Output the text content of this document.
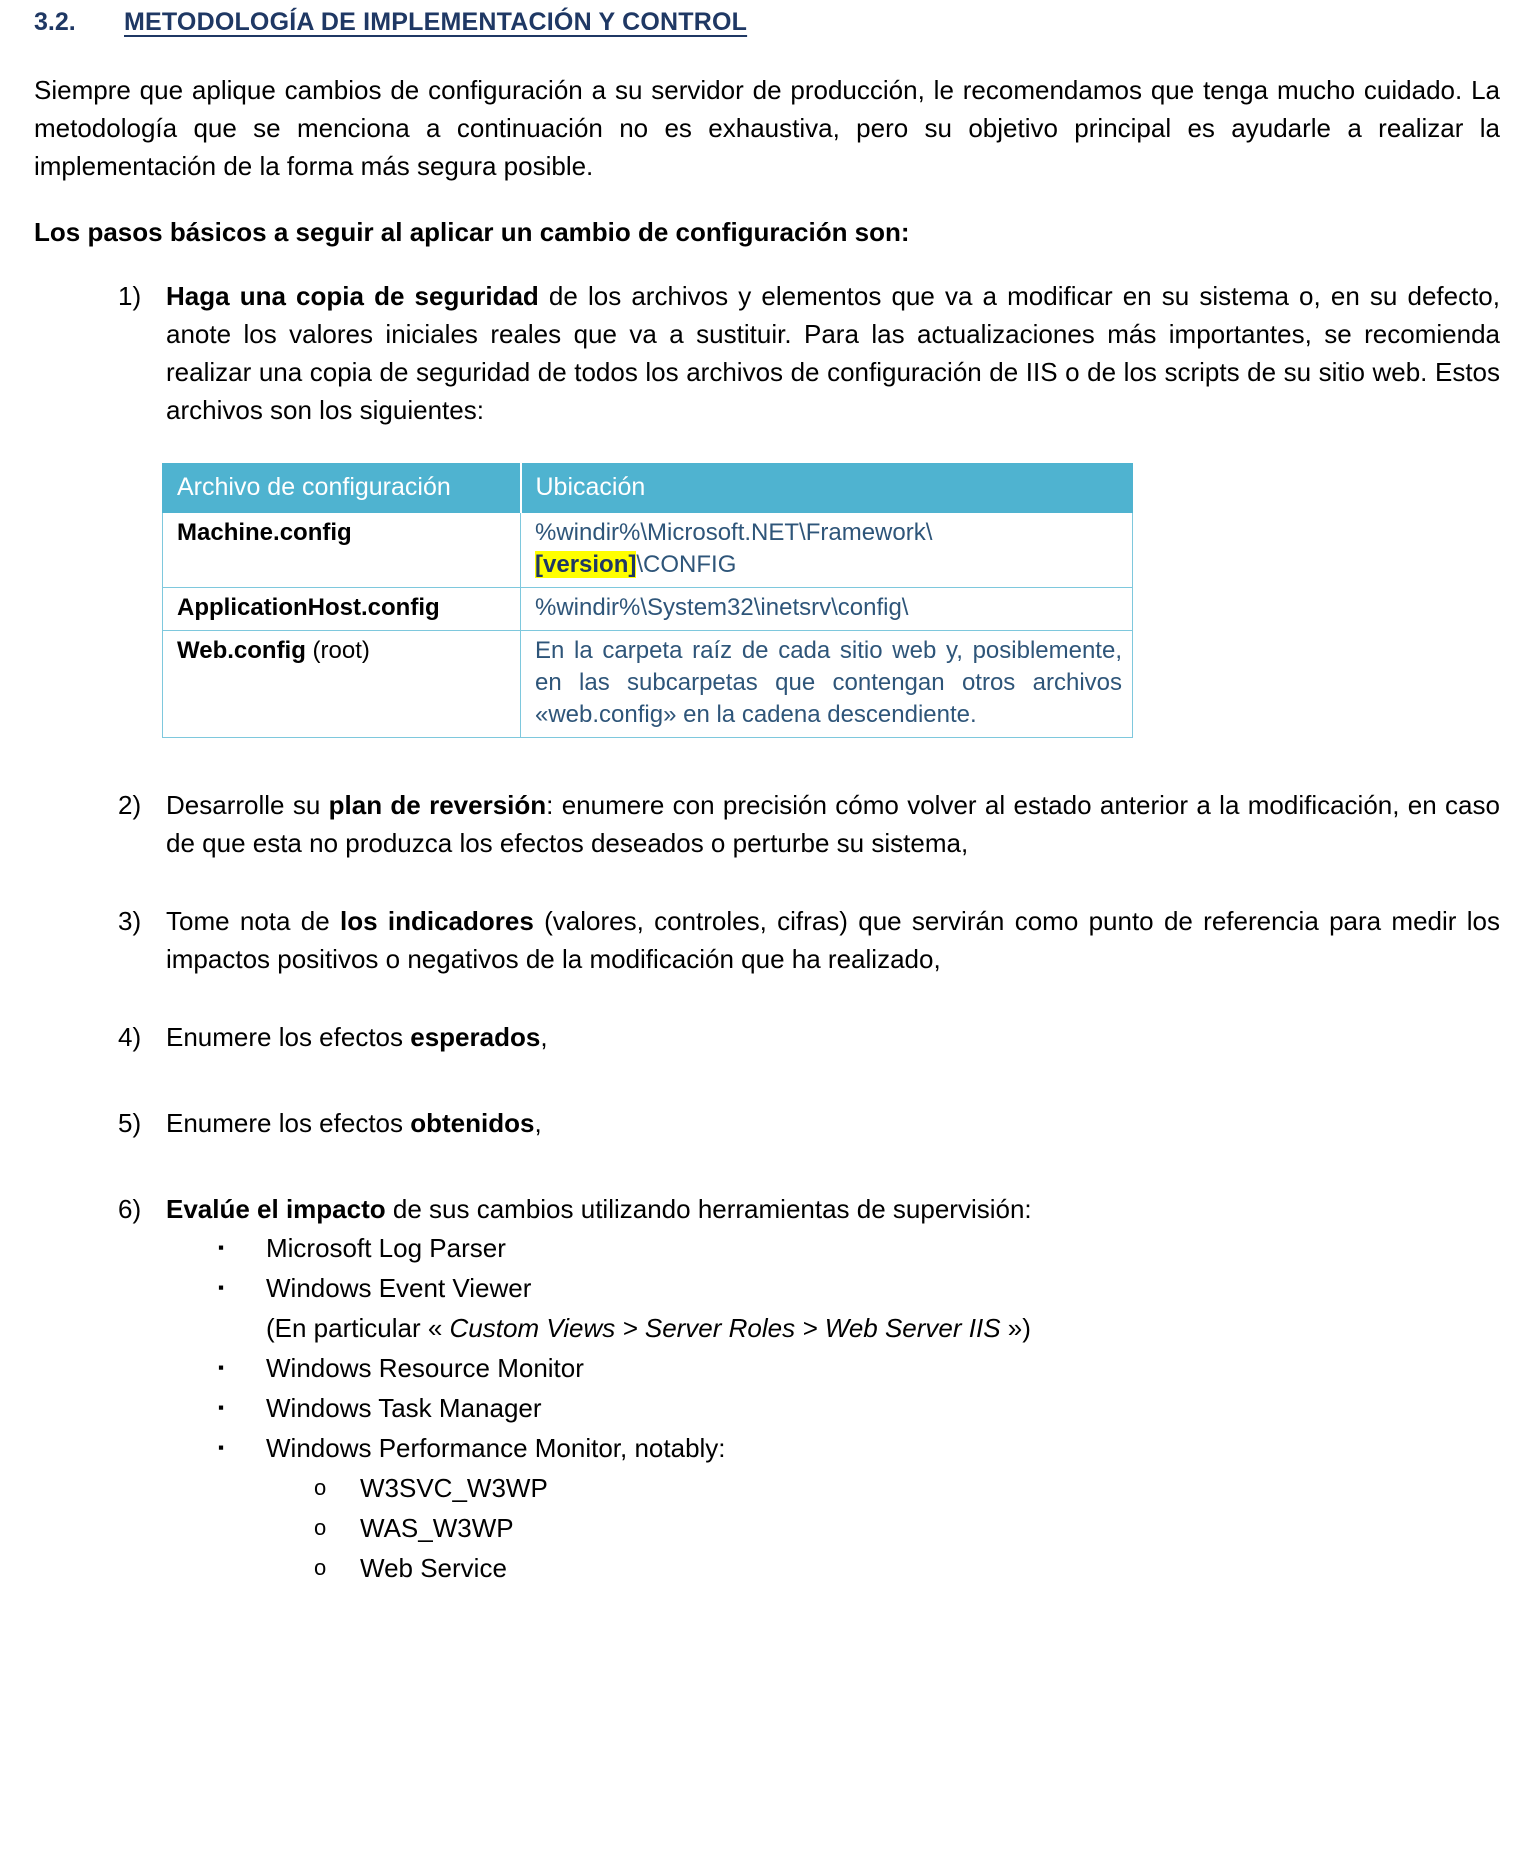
3.2.	METODOLOGÍA DE IMPLEMENTACIÓN Y CONTROL

Siempre que aplique cambios de configuración a su servidor de producción, le recomendamos que tenga mucho cuidado. La metodología que se menciona a continuación no es exhaustiva, pero su objetivo principal es ayudarle a realizar la implementación de la forma más segura posible.

Los pasos básicos a seguir al aplicar un cambio de configuración son:

1) Haga una copia de seguridad de los archivos y elementos que va a modificar en su sistema o, en su defecto, anote los valores iniciales reales que va a sustituir. Para las actualizaciones más importantes, se recomienda realizar una copia de seguridad de todos los archivos de configuración de IIS o de los scripts de su sitio web. Estos archivos son los siguientes:
Archivo de configuración	Ubicación
Machine.config	%windir%\Microsoft.NET\Framework\[version]\CONFIG
ApplicationHost.config	%windir%\System32\inetsrv\config\
Web.config (root)	En la carpeta raíz de cada sitio web y, posiblemente, en las subcarpetas que contengan otros archivos «web.config» en la cadena descendiente.
2) Desarrolle su plan de reversión: enumere con precisión cómo volver al estado anterior a la modificación, en caso de que esta no produzca los efectos deseados o perturbe su sistema,
3) Tome nota de los indicadores (valores, controles, cifras) que servirán como punto de referencia para medir los impactos positivos o negativos de la modificación que ha realizado,
4) Enumere los efectos esperados,
5) Enumere los efectos obtenidos,
6) Evalúe el impacto de sus cambios utilizando herramientas de supervisión:
▪	Microsoft Log Parser
▪	Windows Event Viewer
(En particular « Custom Views > Server Roles > Web Server IIS »)
▪	Windows Resource Monitor
▪	Windows Task Manager
▪	Windows Performance Monitor, notably:
o	W3SVC_W3WP
o	WAS_W3WP
o	Web Service
